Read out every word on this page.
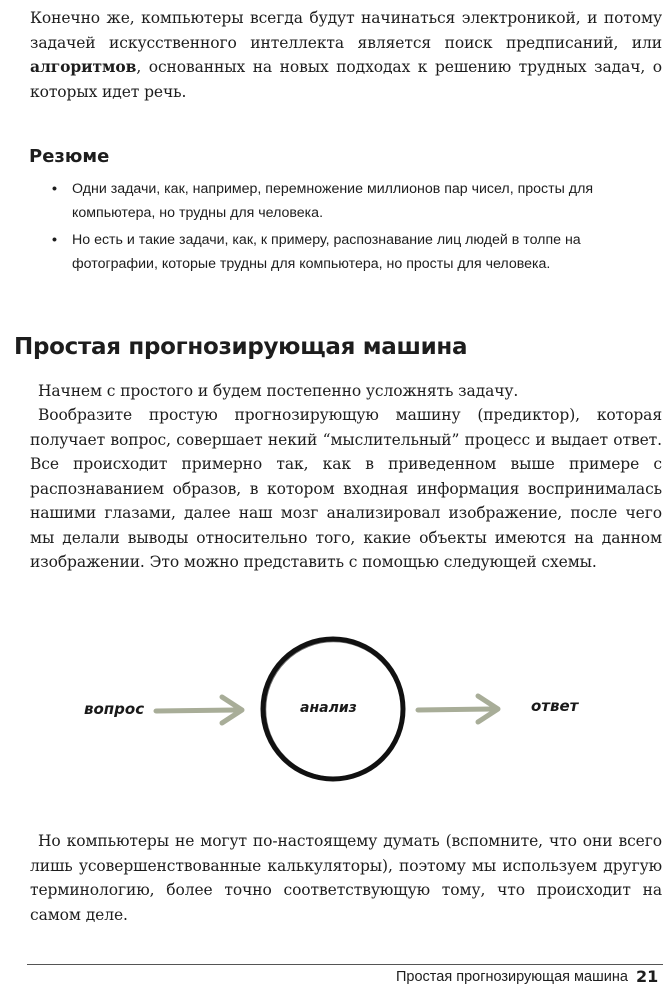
Конечно же, компьютеры всегда будут начинаться электроникой, и потому задачей искусственного интеллекта является поиск предписаний, или алгоритмов, основанных на новых подходах к решению трудных задач, о которых идет речь.

Резюме
• Одни задачи, как, например, перемножение миллионов пар чисел, просты для компьютера, но трудны для человека.
• Но есть и такие задачи, как, к примеру, распознавание лиц людей в толпе на фотографии, которые трудны для компьютера, но просты для человека.
Простая прогнозирующая машина

Начнем с простого и будем постепенно усложнять задачу.

Вообразите простую прогнозирующую машину (предиктор), которая получает вопрос, совершает некий “мыслительный” процесс и выдает ответ. Все происходит примерно так, как в приведенном выше примере с распознаванием образов, в котором входная информация воспринималась нашими глазами, далее наш мозг анализировал изображение, после чего мы делали выводы относительно того, какие объекты имеются на данном изображении. Это можно представить с помощью следующей схемы.

вопрос	анализ	ответ

Но компьютеры не могут по-настоящему думать (вспомните, что они всего лишь усовершенствованные калькуляторы), поэтому мы используем другую терминологию, более точно соответствующую тому, что происходит на самом деле.

Простая прогнозирующая машина 21
